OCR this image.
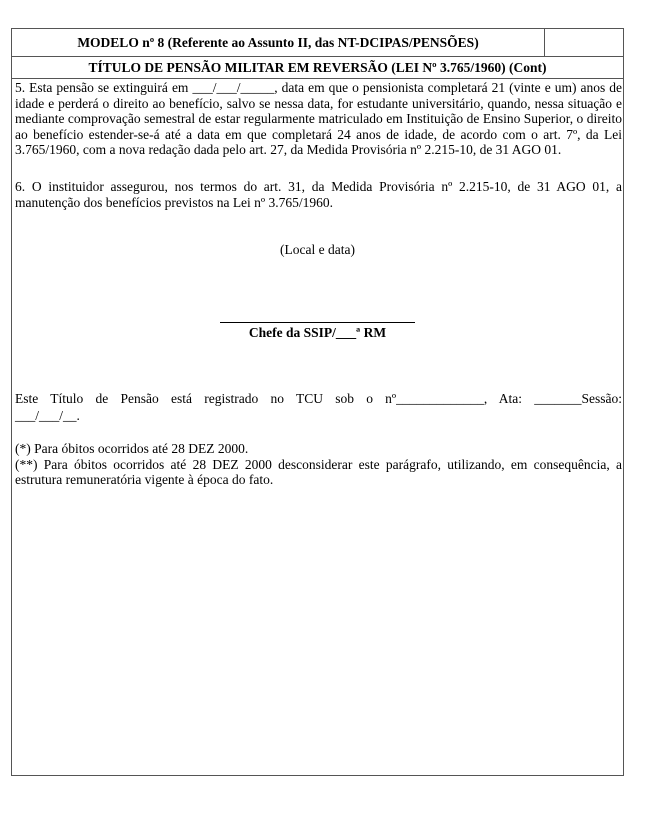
MODELO nº 8 (Referente ao Assunto II, das NT-DCIPAS/PENSÕES)
TÍTULO DE PENSÃO MILITAR EM REVERSÃO (LEI Nº 3.765/1960) (Cont)
5. Esta pensão se extinguirá em ___/___/_____, data em que o pensionista completará 21 (vinte e um) anos de idade e perderá o direito ao benefício, salvo se nessa data, for estudante universitário, quando, nessa situação e mediante comprovação semestral de estar regularmente matriculado em Instituição de Ensino Superior, o direito ao benefício estender-se-á até a data em que completará 24 anos de idade, de acordo com o art. 7º, da Lei 3.765/1960, com a nova redação dada pelo art. 27, da Medida Provisória nº 2.215-10, de 31 AGO 01.
6. O instituidor assegurou, nos termos do art. 31, da Medida Provisória nº 2.215-10, de 31 AGO 01, a manutenção dos benefícios previstos na Lei nº 3.765/1960.
(Local e data)
Chefe da SSIP/___ª RM
Este Título de Pensão está registrado no TCU sob o nº_____________, Ata: _______Sessão:
___/___/__.
(*) Para óbitos ocorridos até 28 DEZ 2000.
(**) Para óbitos ocorridos até 28 DEZ 2000 desconsiderar este parágrafo, utilizando, em consequência, a estrutura remuneratória vigente à época do fato.
